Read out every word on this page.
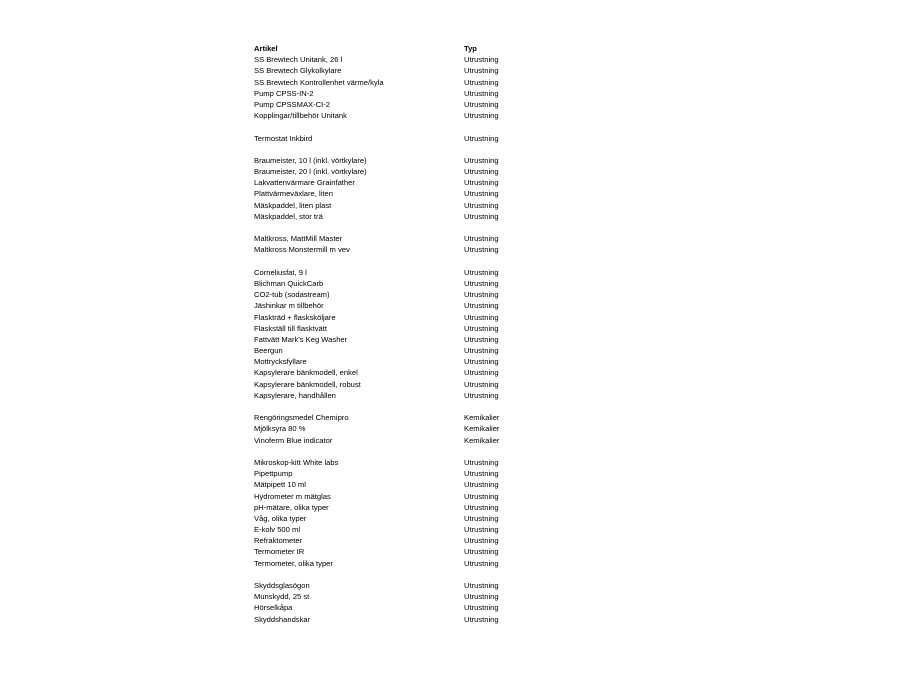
Artikel	Typ
SS Brewtech Unitank, 26 l	Utrustning
SS Brewtech Glykolkylare	Utrustning
SS Brewtech Kontrollenhet värme/kyla	Utrustning
Pump CPSS-IN-2	Utrustning
Pump CPSSMAX-CI-2	Utrustning
Kopplingar/tillbehör Unitank	Utrustning
Termostat Inkbird	Utrustning
Braumeister, 10 l (inkl. vörtkylare)	Utrustning
Braumeister, 20 l (inkl. vörtkylare)	Utrustning
Lakvattenvärmare Grainfather	Utrustning
Plattvärmeväxlare, liten	Utrustning
Mäskpaddel, liten plast	Utrustning
Mäskpaddel, stor trä	Utrustning
Maltkross, MattMill Master	Utrustning
Maltkross Monstermill m vev	Utrustning
Corneliusfat, 9 l	Utrustning
Blichman QuickCarb	Utrustning
CO2-tub (sodastream)	Utrustning
Jäshinkar m tillbehör	Utrustning
Flaskträd + flasksköljare	Utrustning
Flaskställ till flasktvätt	Utrustning
Fattvätt Mark's Keg Washer	Utrustning
Beergun	Utrustning
Mottrycksfyllare	Utrustning
Kapsylerare bänkmodell, enkel	Utrustning
Kapsylerare bänkmodell, robust	Utrustning
Kapsylerare, handhållen	Utrustning
Rengöringsmedel Chemipro	Kemikalier
Mjölksyra 80 %	Kemikalier
Vinoferm Blue indicator	Kemikalier
Mikroskop-kitt White labs	Utrustning
Pipettpump	Utrustning
Mätpipett 10 ml	Utrustning
Hydrometer m mätglas	Utrustning
pH-mätare, olika typer	Utrustning
Våg, olika typer	Utrustning
E-kolv 500 ml	Utrustning
Refraktometer	Utrustning
Termometer IR	Utrustning
Termometer, olika typer	Utrustning
Skyddsglasögon	Utrustning
Munskydd, 25 st	Utrustning
Hörselkåpa	Utrustning
Skyddshandskar	Utrustning
